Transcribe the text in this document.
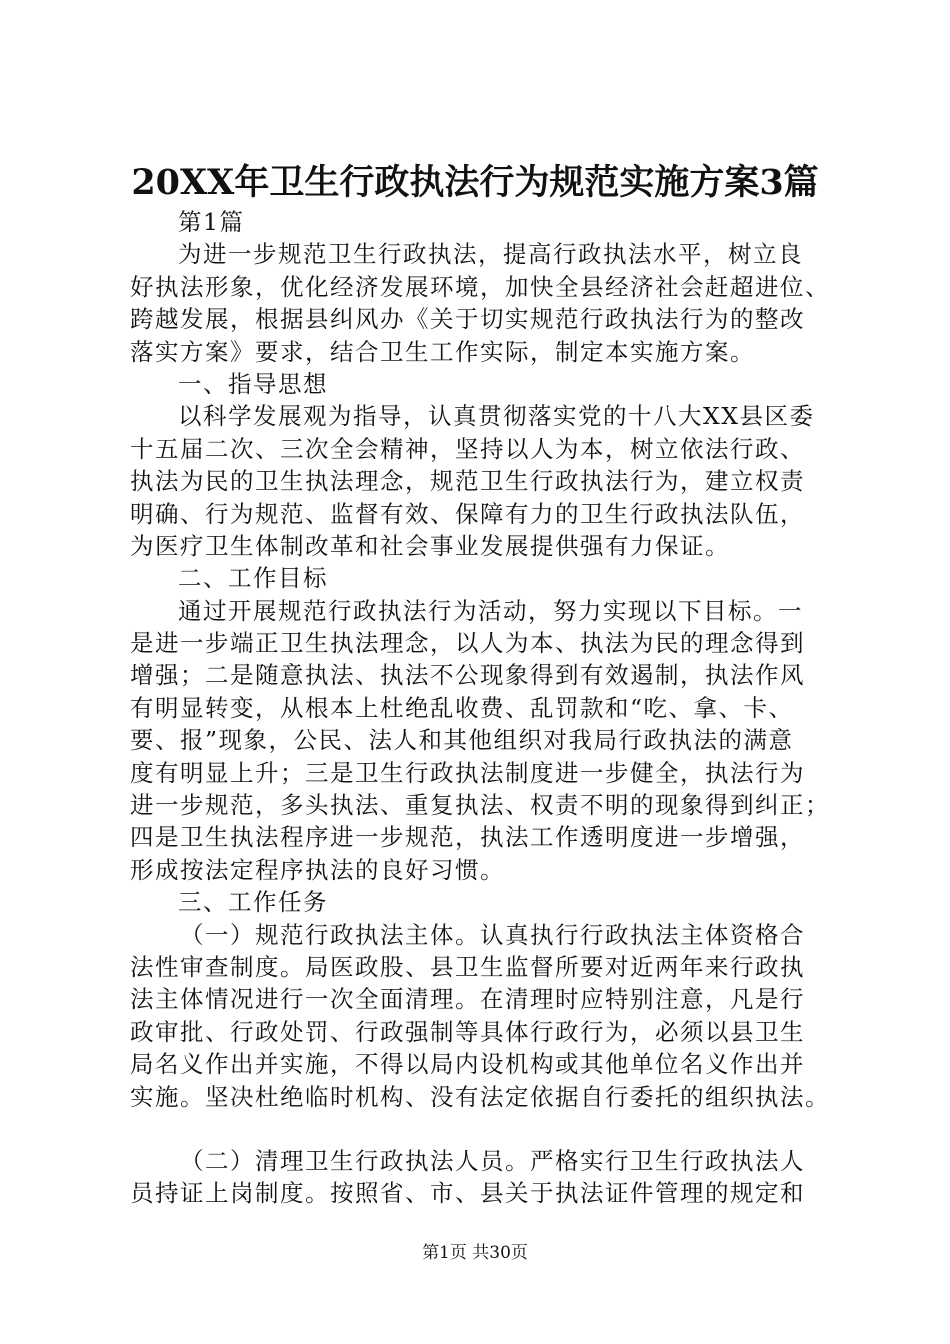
20XX年卫生行政执法行为规范实施方案3篇
第1篇
为进一步规范卫生行政执法，提高行政执法水平，树立良
好执法形象，优化经济发展环境，加快全县经济社会赶超进位、
跨越发展，根据县纠风办《关于切实规范行政执法行为的整改
落实方案》要求，结合卫生工作实际，制定本实施方案。
一、指导思想
以科学发展观为指导，认真贯彻落实党的十八大XX县区委
十五届二次、三次全会精神，坚持以人为本，树立依法行政、
执法为民的卫生执法理念，规范卫生行政执法行为，建立权责
明确、行为规范、监督有效、保障有力的卫生行政执法队伍，
为医疗卫生体制改革和社会事业发展提供强有力保证。
二、工作目标
通过开展规范行政执法行为活动，努力实现以下目标。一
是进一步端正卫生执法理念，以人为本、执法为民的理念得到
增强；二是随意执法、执法不公现象得到有效遏制，执法作风
有明显转变，从根本上杜绝乱收费、乱罚款和“吃、拿、卡、
要、报”现象，公民、法人和其他组织对我局行政执法的满意
度有明显上升；三是卫生行政执法制度进一步健全，执法行为
进一步规范，多头执法、重复执法、权责不明的现象得到纠正；
四是卫生执法程序进一步规范，执法工作透明度进一步增强，
形成按法定程序执法的良好习惯。
三、工作任务
（一）规范行政执法主体。认真执行行政执法主体资格合
法性审查制度。局医政股、县卫生监督所要对近两年来行政执
法主体情况进行一次全面清理。在清理时应特别注意，凡是行
政审批、行政处罚、行政强制等具体行政行为，必须以县卫生
局名义作出并实施，不得以局内设机构或其他单位名义作出并
实施。坚决杜绝临时机构、没有法定依据自行委托的组织执法。
（二）清理卫生行政执法人员。严格实行卫生行政执法人
员持证上岗制度。按照省、市、县关于执法证件管理的规定和
第1页 共30页
